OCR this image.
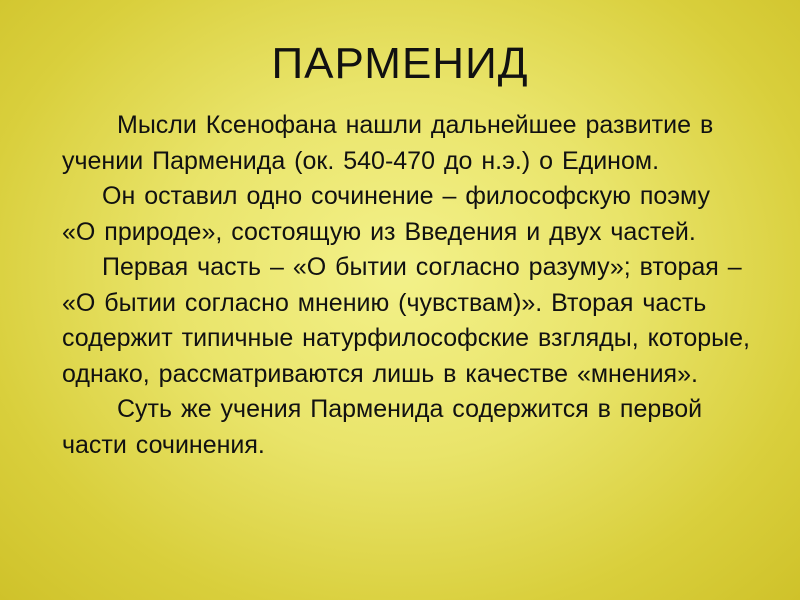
ПАРМЕНИД

Мысли Ксенофана нашли дальнейшее развитие в учении Парменида (ок. 540-470 до н.э.) о Едином.

Он оставил одно сочинение – философскую поэму «О природе», состоящую из Введения и двух частей.

Первая часть – «О бытии согласно разуму»; вторая – «О бытии согласно мнению (чувствам)». Вторая часть содержит типичные натурфилософские взгляды, которые, однако, рассматриваются лишь в качестве «мнения».

Суть же учения Парменида содержится в первой части сочинения.
